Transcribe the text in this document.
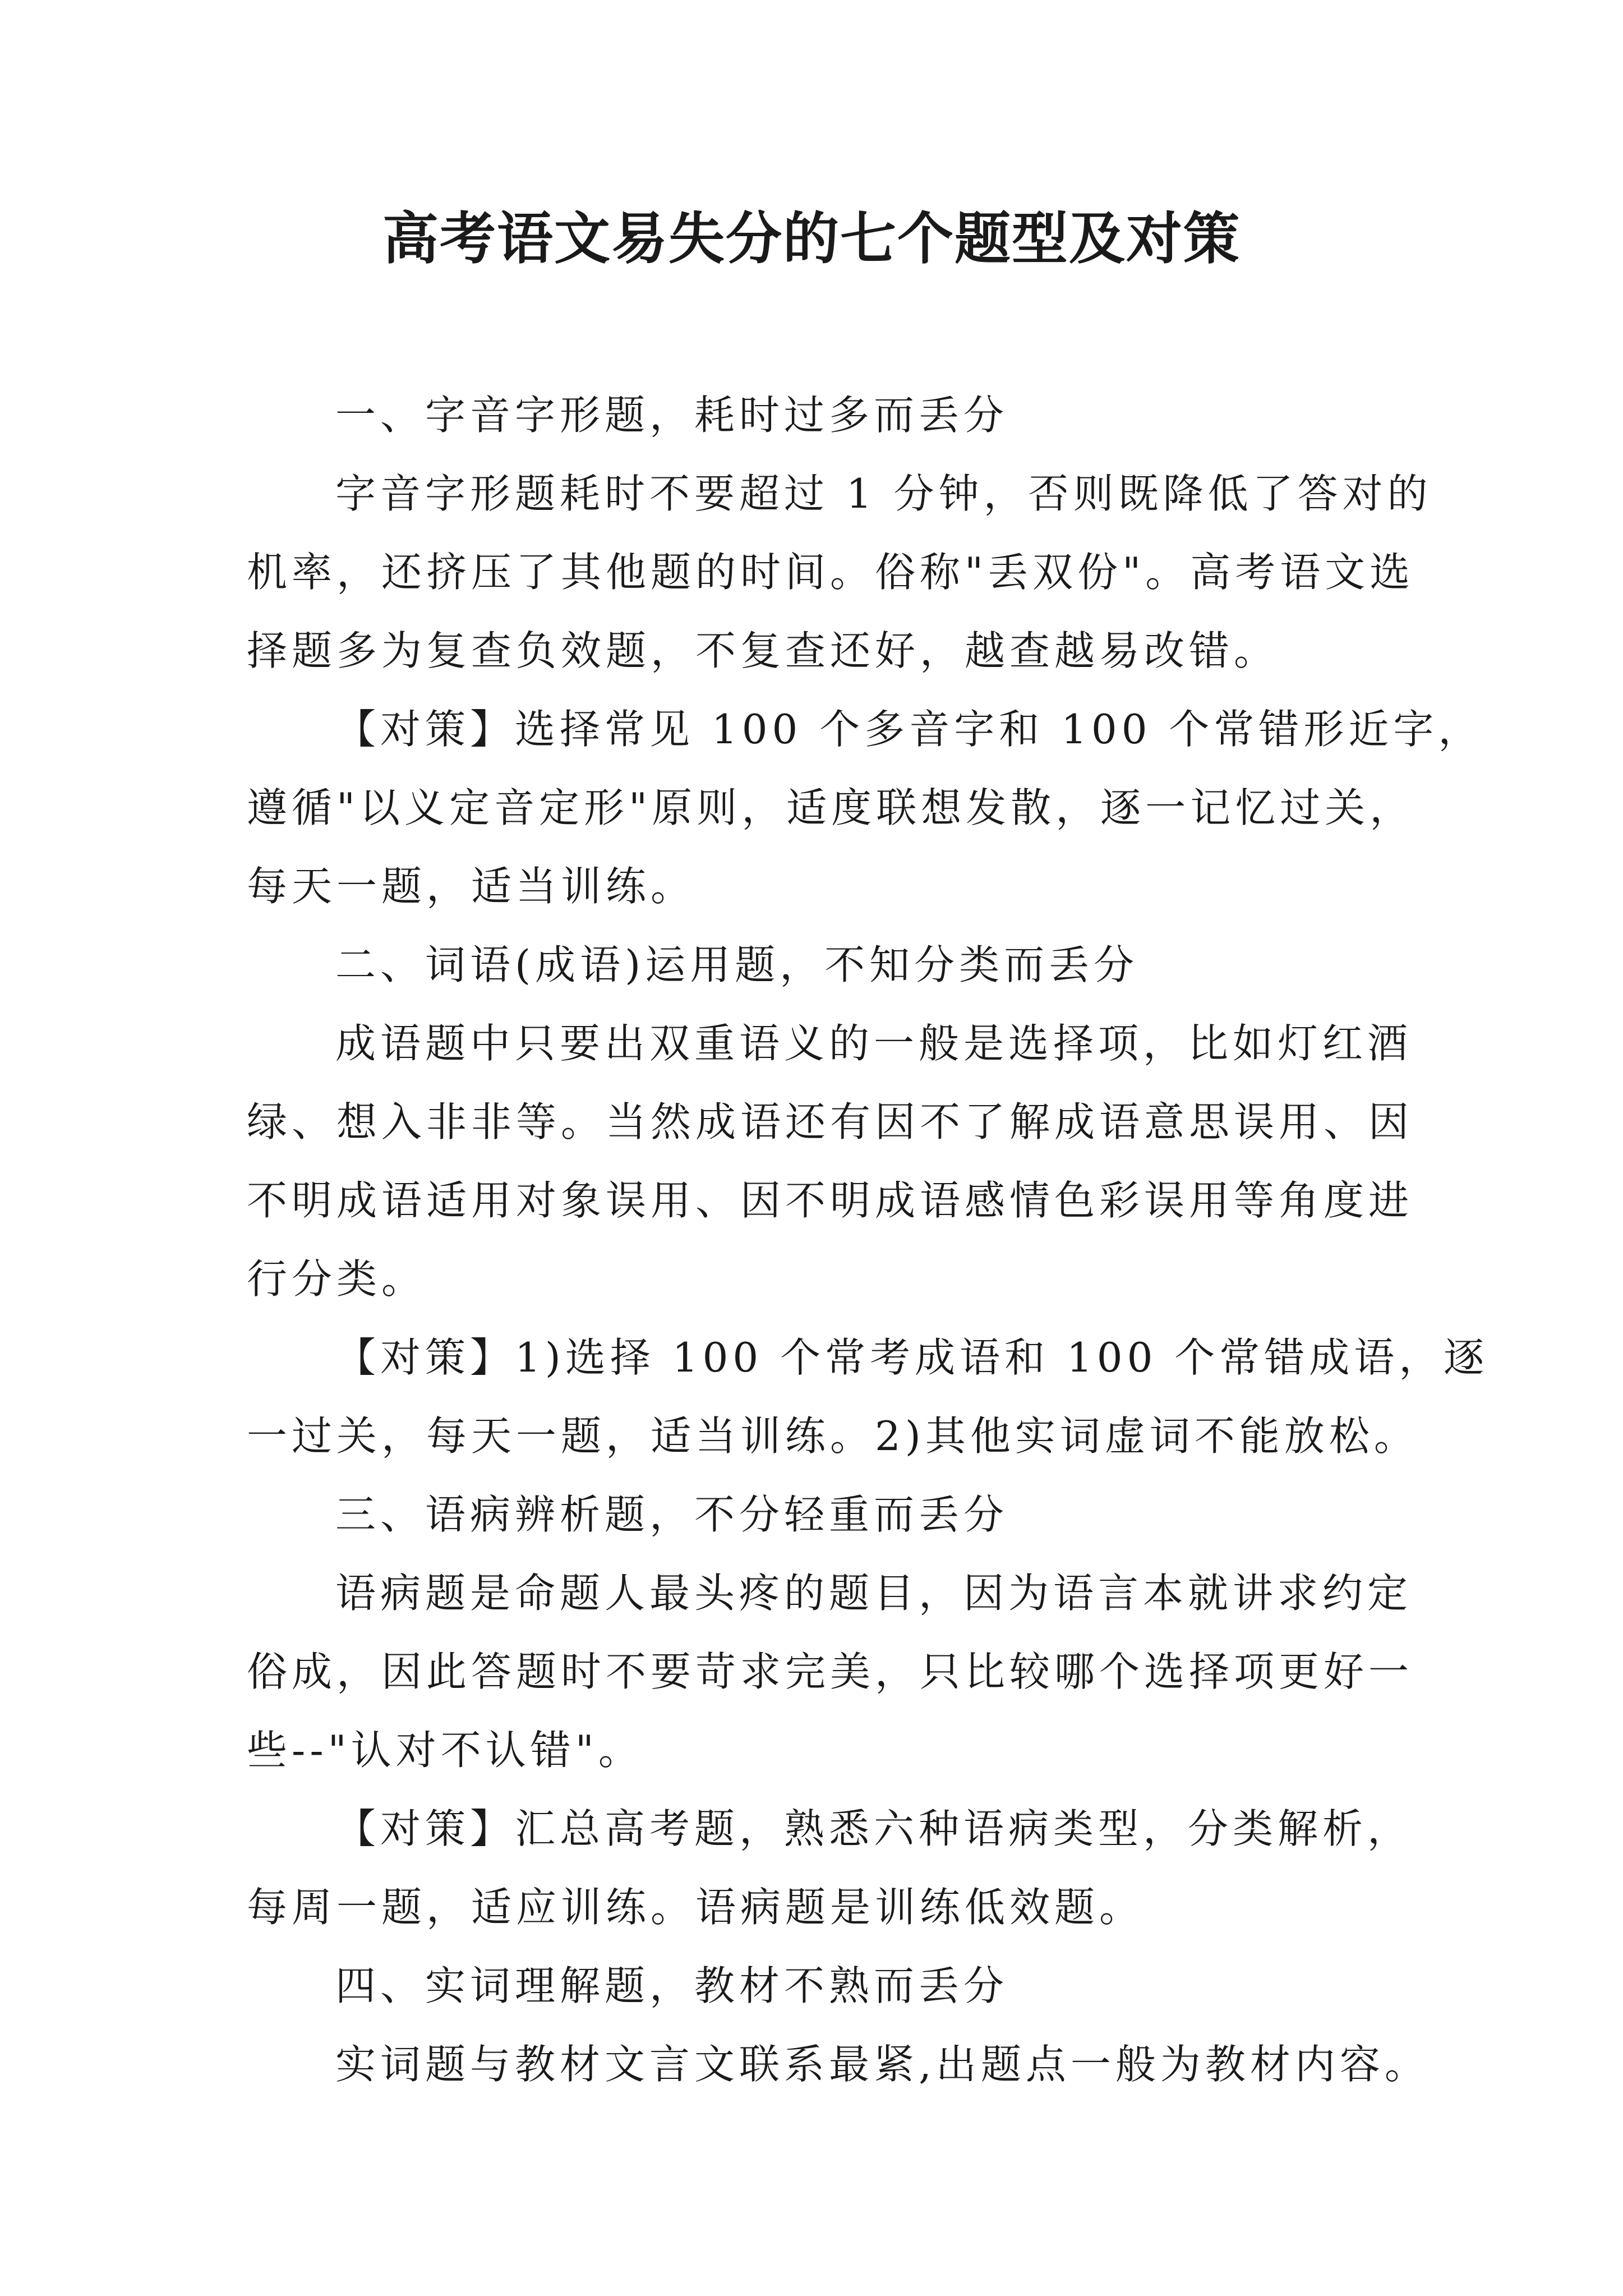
高考语文易失分的七个题型及对策

一、字音字形题，耗时过多而丢分

字音字形题耗时不要超过 1 分钟，否则既降低了答对的

机率，还挤压了其他题的时间。俗称"丢双份"。高考语文选

择题多为复查负效题，不复查还好，越查越易改错。

【对策】选择常见 100 个多音字和 100 个常错形近字，

遵循"以义定音定形"原则，适度联想发散，逐一记忆过关，

每天一题，适当训练。

二、词语(成语)运用题，不知分类而丢分

成语题中只要出双重语义的一般是选择项，比如灯红酒

绿、想入非非等。当然成语还有因不了解成语意思误用、因

不明成语适用对象误用、因不明成语感情色彩误用等角度进

行分类。

【对策】1)选择 100 个常考成语和 100 个常错成语，逐

一过关，每天一题，适当训练。2)其他实词虚词不能放松。

三、语病辨析题，不分轻重而丢分

语病题是命题人最头疼的题目，因为语言本就讲求约定

俗成，因此答题时不要苛求完美，只比较哪个选择项更好一

些--"认对不认错"。

【对策】汇总高考题，熟悉六种语病类型，分类解析，

每周一题，适应训练。语病题是训练低效题。

四、实词理解题，教材不熟而丢分

实词题与教材文言文联系最紧,出题点一般为教材内容。
